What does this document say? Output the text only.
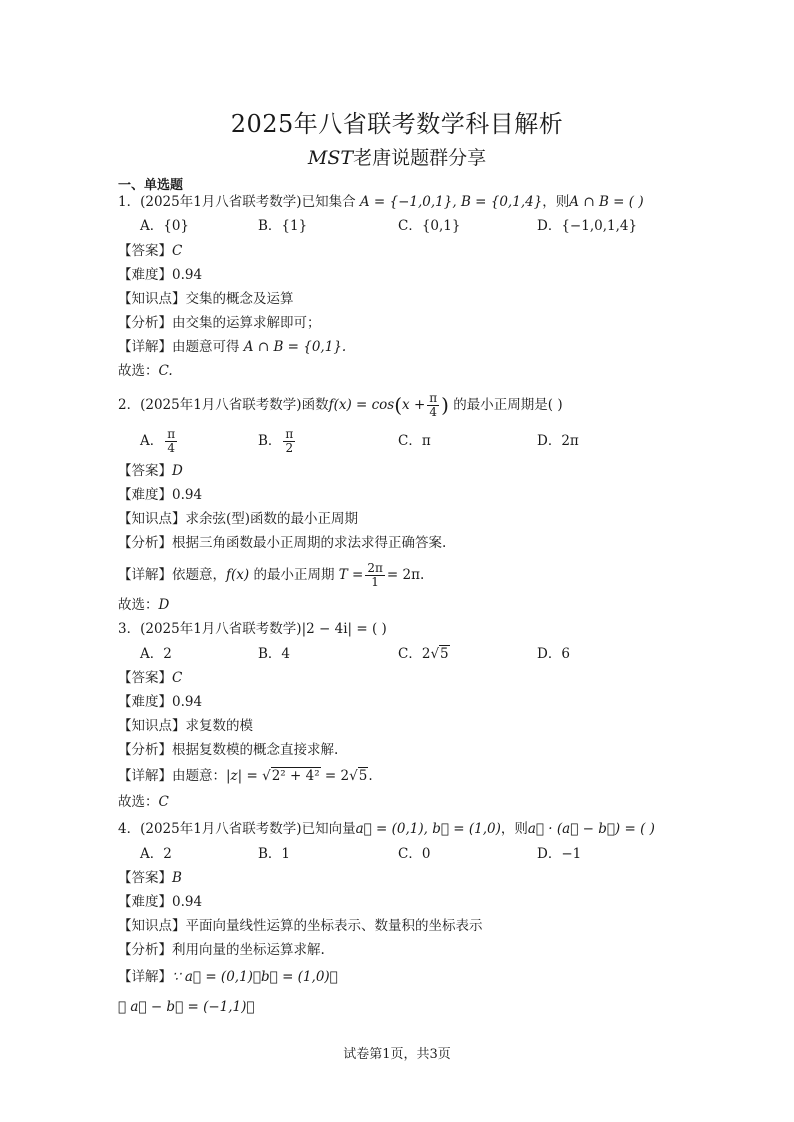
2025年八省联考数学科目解析
MST老唐说题群分享
一、单选题
1．(2025年1月八省联考数学)已知集合 A = {−1,0,1}, B = {0,1,4}，则A ∩ B = ( )
A．{0}	B．{1}	C．{0,1}	D．{−1,0,1,4}
【答案】C
【难度】0.94
【知识点】交集的概念及运算
【分析】由交集的运算求解即可；
【详解】由题意可得 A ∩ B = {0,1}.
故选：C.
2．(2025年1月八省联考数学)函数$f(x) = \cos(x + \frac{\pi}{4}$ ) 的最小正周期是( )
A． $\frac{\pi}{4}$	B． $\frac{\pi}{2}$	C．π	D．2π
【答案】D
【难度】0.94
【知识点】求余弦(型)函数的最小正周期
【分析】根据三角函数最小正周期的求法求得正确答案.
【详解】依题意，f(x) 的最小正周期 $T = \frac{2\pi}{1} = 2\pi$.
故选：D
3．(2025年1月八省联考数学)|2 − 4i| = ( )
A．2	B．4	C．2√5	D．6
【答案】C
【难度】0.94
【知识点】求复数的模
【分析】根据复数模的概念直接求解.
【详解】由题意：|z| = √2² + 4² = 2√5.
故选：C
4．(2025年1月八省联考数学)已知向量a⃗ = (0,1), b⃗ = (1,0)，则a⃗ · (a⃗ − b⃗) = ( )
A．2	B．1	C．0	D．−1
【答案】B
【难度】0.94
【知识点】平面向量线性运算的坐标表示、数量积的坐标表示
【分析】利用向量的坐标运算求解.
【详解】∵ a⃗ = (0,1)，b⃗ = (1,0)，
∴ a⃗ − b⃗ = (−1,1)，
试卷第1页，共3页
